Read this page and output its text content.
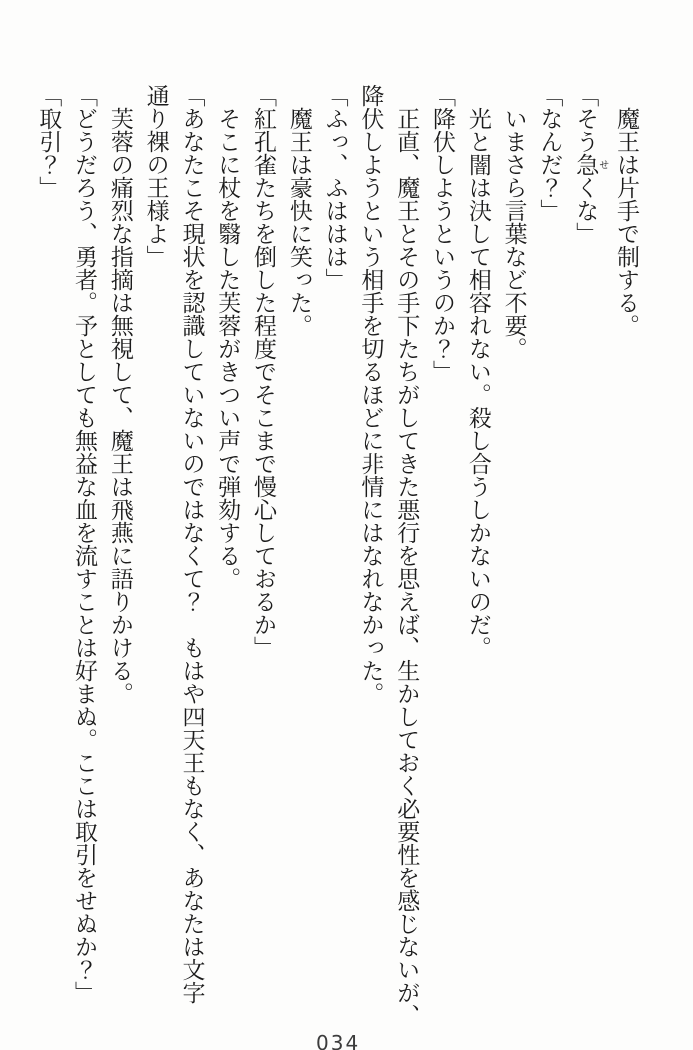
　魔王は片手で制する。

「そう急せくな」

「なんだ？」

　いまさら言葉など不要。

　光と闇は決して相容れない。殺し合うしかないのだ。

「降伏しようというのか？」

　正直、魔王とその手下たちがしてきた悪行を思えば、生かしておく必要性を感じないが、

降伏しようという相手を切るほどに非情にはなれなかった。

「ふっ、ふははは」

　魔王は豪快に笑った。

「紅孔雀たちを倒した程度でそこまで慢心しておるか」

　そこに杖を翳した芙蓉がきつい声で弾劾する。

「あなたこそ現状を認識していないのではなくて？　もはや四天王もなく、あなたは文字

通り裸の王様よ」

　芙蓉の痛烈な指摘は無視して、魔王は飛燕に語りかける。

「どうだろう、勇者。予としても無益な血を流すことは好まぬ。ここは取引をせぬか？」

「取引？」

034
